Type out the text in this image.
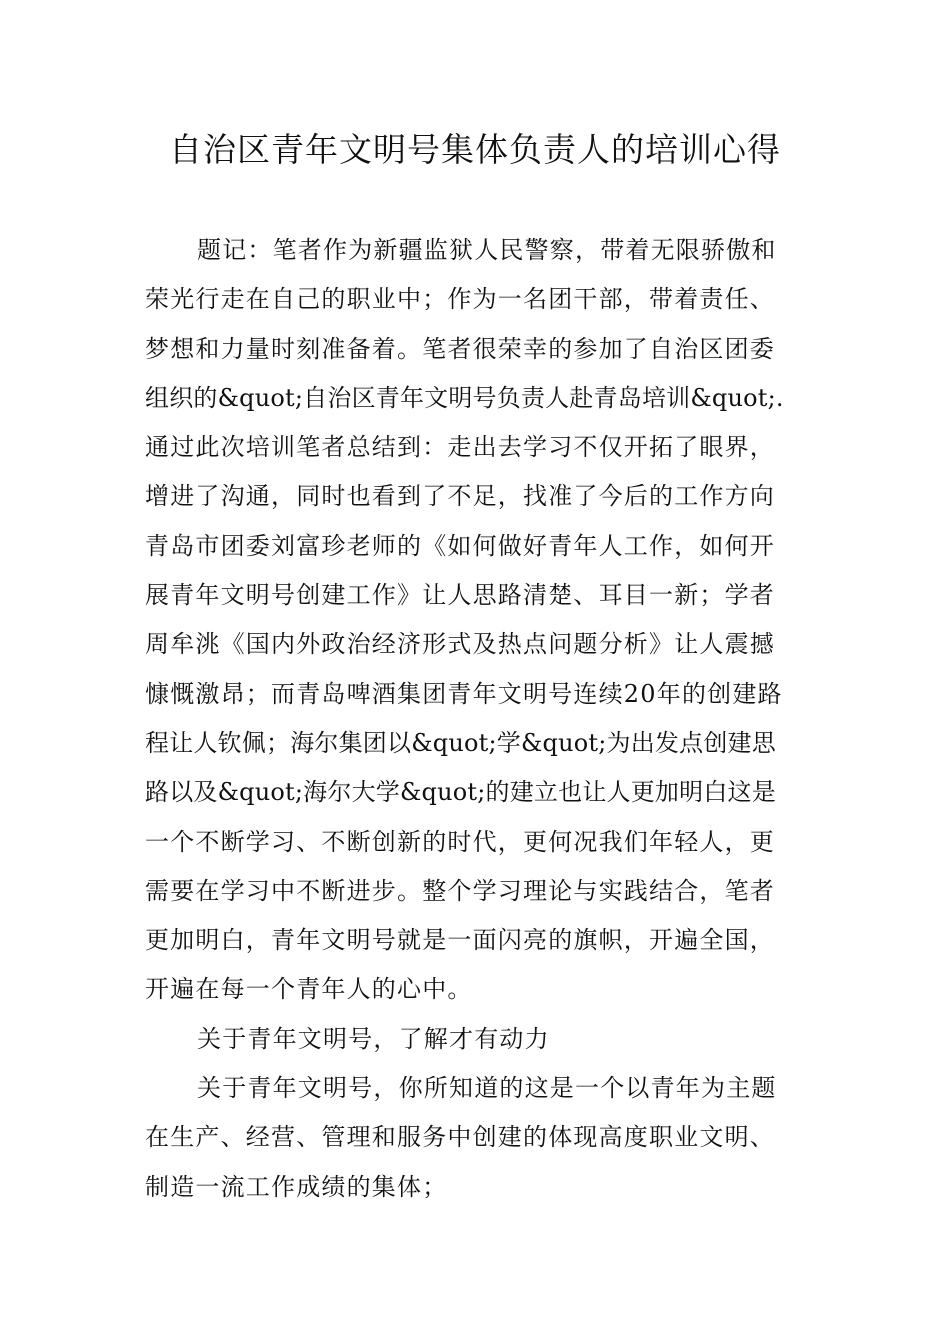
自治区青年文明号集体负责人的培训心得
题记：笔者作为新疆监狱人民警察，带着无限骄傲和
荣光行走在自己的职业中；作为一名团干部，带着责任、
梦想和力量时刻准备着。笔者很荣幸的参加了自治区团委
组织的&quot;自治区青年文明号负责人赴青岛培训&quot;.
通过此次培训笔者总结到：走出去学习不仅开拓了眼界，
增进了沟通，同时也看到了不足，找准了今后的工作方向
青岛市团委刘富珍老师的《如何做好青年人工作，如何开
展青年文明号创建工作》让人思路清楚、耳目一新；学者
周牟洮《国内外政治经济形式及热点问题分析》让人震撼
慷慨激昂；而青岛啤酒集团青年文明号连续20年的创建路
程让人钦佩；海尔集团以&quot;学&quot;为出发点创建思
路以及&quot;海尔大学&quot;的建立也让人更加明白这是
一个不断学习、不断创新的时代，更何况我们年轻人，更
需要在学习中不断进步。整个学习理论与实践结合，笔者
更加明白，青年文明号就是一面闪亮的旗帜，开遍全国，
开遍在每一个青年人的心中。
关于青年文明号，了解才有动力
关于青年文明号，你所知道的这是一个以青年为主题
在生产、经营、管理和服务中创建的体现高度职业文明、
制造一流工作成绩的集体；
